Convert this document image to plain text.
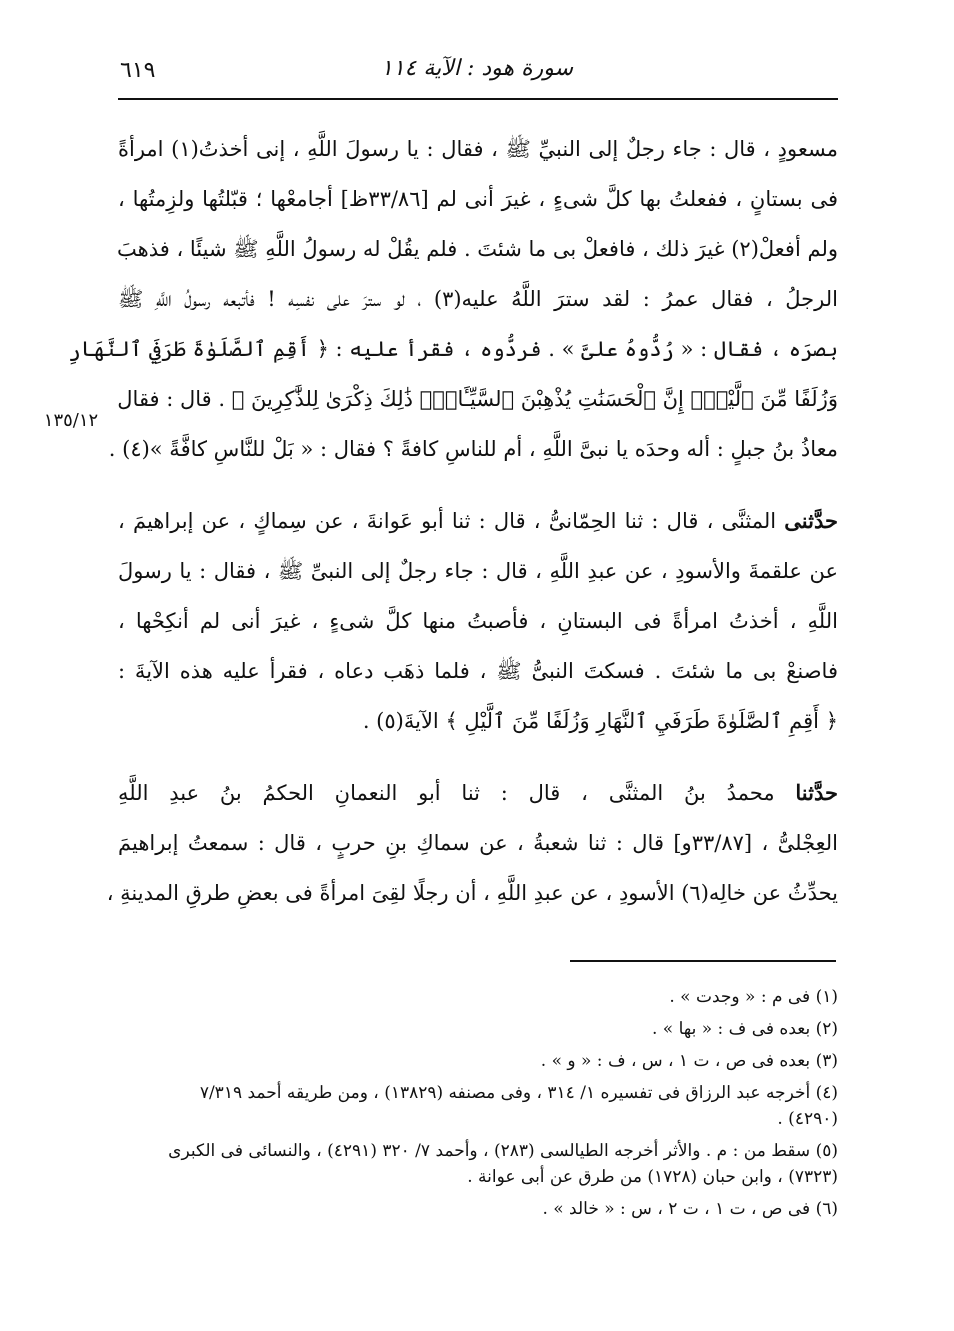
٦١٩	سورة هود : الآية ١١٤
١٣٥/١٢
مسعودٍ ، قال : جاء رجلٌ إلى النبيِّ ﷺ ، فقال : يا رسولَ اللَّهِ ، إنى أخذتُ(١) امرأةً
فى بستانٍ ، ففعلتُ بها كلَّ شىءٍ ، غيرَ أنى لم [٣٣/٨٦ظ] أجامعْها ؛ قبّلتُها ولزِمتُها ،
ولم أفعلْ(٢) غيرَ ذلك ، فافعلْ بى ما شئتَ . فلم يقُلْ له رسولُ اللَّهِ ﷺ شيئًا ، فذهبَ
الرجلُ ، فقال عمرُ : لقد سترَ اللَّهُ عليه(٣) ، لو سترَ على نفسِه ! فأتبعه رسولُ اللَّهِ ﷺ
بصرَه ، فقال : « رُدُّوهُ علىَّ » . فردُّوه ، فقرأ عليه : ﴿ أَقِمِ ٱلصَّلَوٰةَ طَرَفَيِ ٱلنَّهَارِ
وَزُلَفًا مِّنَ ٱلَّيْلِۚ إِنَّ ٱلْحَسَنَٰتِ يُذْهِبْنَ ٱلسَّيِّـَٔاتِۚ ذَٰلِكَ ذِكْرَىٰ لِلذَّٰكِرِينَ ﴾ . قال : فقال
معاذُ بنُ جبلٍ : أله وحدَه يا نبىَّ اللَّهِ ، أم للناسِ كافةً ؟ فقال : « بَلْ للنَّاسِ كافَّةً »(٤) .
حدَّثنى المثنَّى ، قال : ثنا الحِمّانىُّ ، قال : ثنا أبو عَوانةَ ، عن سِماكٍ ، عن إبراهيمَ ،
عن علقمةَ والأسودِ ، عن عبدِ اللَّهِ ، قال : جاء رجلٌ إلى النبىِّ ﷺ ، فقال : يا رسولَ
اللَّهِ ، أخذتُ امرأةً فى البستانِ ، فأصبتُ منها كلَّ شىءٍ ، غيرَ أنى لم أنكِحْها ،
فاصنعْ بى ما شئتَ . فسكتَ النبىُّ ﷺ ، فلما ذهَب دعاه ، فقرأ عليه هذه الآيةَ :
﴿ أَقِمِ ٱلصَّلَوٰةَ طَرَفَيِ ٱلنَّهَارِ وَزُلَفًا مِّنَ ٱلَّيْلِ ﴾ الآيةَ(٥) .
حدَّثنا محمدُ بنُ المثنَّى ، قال : ثنا أبو النعمانِ الحكمُ بنُ عبدِ اللَّهِ
العِجْلىُّ ، [٣٣/٨٧و] قال : ثنا شعبةُ ، عن سماكِ بنِ حربٍ ، قال : سمعتُ إبراهيمَ
يحدِّثُ عن خالِه(٦) الأسودِ ، عن عبدِ اللَّهِ ، أن رجلًا لقِىَ امرأةً فى بعضِ طرقِ المدينةِ ،
(١) فى م : « وجدت » .
(٢) بعده فى ف : « بها » .
(٣) بعده فى ص ، ت ١ ، س ، ف : « و » .
(٤) أخرجه عبد الرزاق فى تفسيره ١/ ٣١٤ ، وفى مصنفه (١٣٨٢٩) ، ومن طريقه أحمد ٧/٣١٩
(٤٢٩٠) .
(٥) سقط من : م . والأثر أخرجه الطيالسى (٢٨٣) ، وأحمد ٧/ ٣٢٠ (٤٢٩١) ، والنسائى فى الكبرى
(٧٣٢٣) ، وابن حبان (١٧٢٨) من طرق عن أبى عوانة .
(٦) فى ص ، ت ١ ، ت ٢ ، س : « خالد » .
